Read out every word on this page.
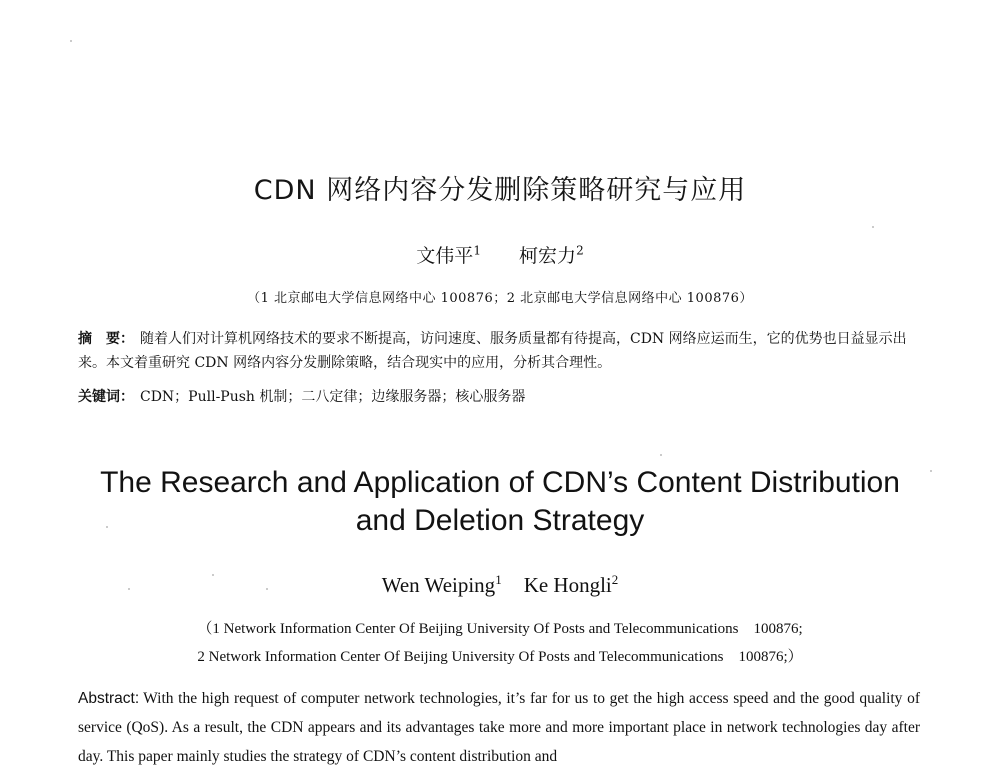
CDN 网络内容分发删除策略研究与应用
文伟平$^1$ 柯宏力$^2$
（1 北京邮电大学信息网络中心 100876；2 北京邮电大学信息网络中心 100876）
摘　要： 随着人们对计算机网络技术的要求不断提高，访问速度、服务质量都有待提高，CDN 网络应运而生，它的优势也日益显示出来。本文着重研究 CDN 网络内容分发删除策略，结合现实中的应用，分析其合理性。
关键词： CDN；Pull-Push 机制；二八定律；边缘服务器；核心服务器
The Research and Application of CDN’s Content Distribution
and Deletion Strategy
Wen Weiping$^1$ Ke Hongli$^2$
（1 Network Information Center Of Beijing University Of Posts and Telecommunications　100876;
2 Network Information Center Of Beijing University Of Posts and Telecommunications　100876;）
Abstract: With the high request of computer network technologies, it’s far for us to get the high access speed and the good quality of service (QoS). As a result, the CDN appears and its advantages take more and more important place in network technologies day after day. This paper mainly studies the strategy of CDN’s content distribution and
